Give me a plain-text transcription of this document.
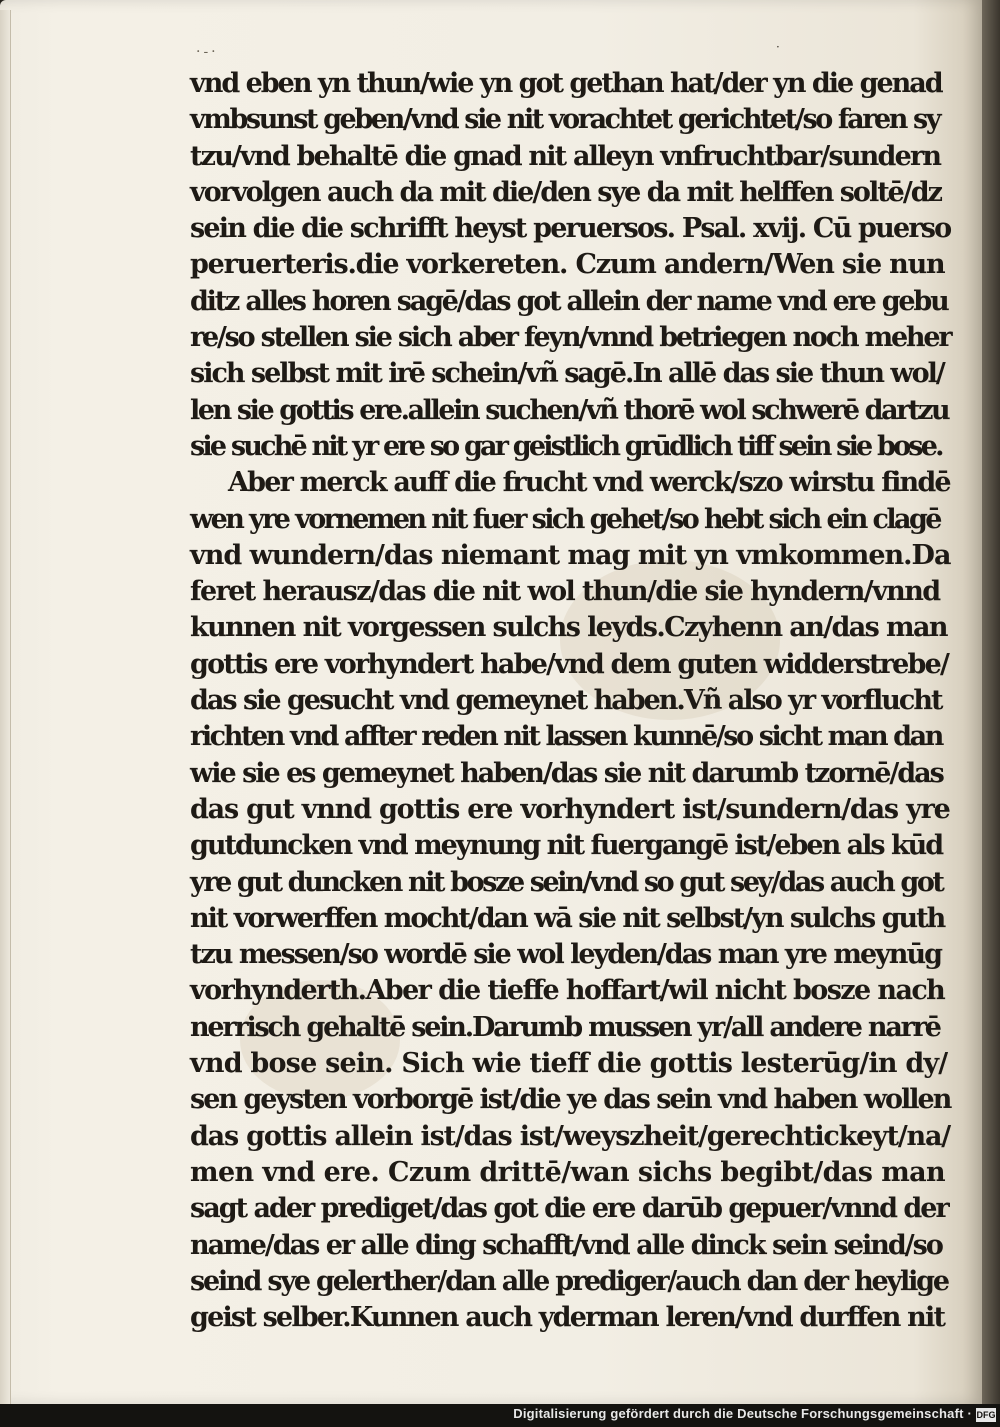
·‑·	·
vnd eben yn thun/wie yn got gethan hat/der yn die genad
vmbsunst geben/vnd sie nit vorachtet gerichtet/so faren sy
tzu/vnd behaltē die gnad nit alleyn vnfruchtbar/sundern
vorvolgen auch da mit die/den sye da mit helffen soltē/dz
sein die die schrifft heyst peruersos. Psal. xvij. Cū puerso
peruerteris.die vorkereten. Czum andern/Wen sie nun
ditz alles horen sagē/das got allein der name vnd ere gebu
re/so stellen sie sich aber feyn/vnnd betriegen noch meher
sich selbst mit irē schein/vñ sagē.In allē das sie thun wol/
len sie gottis ere.allein suchen/vñ thorē wol schwerē dartzu
sie suchē nit yr ere so gar geistlich grūdlich tiff sein sie bose.
Aber merck auff die frucht vnd werck/szo wirstu findē
wen yre vornemen nit fuer sich gehet/so hebt sich ein clagē
vnd wundern/das niemant mag mit yn vmkommen.Da
feret herausz/das die nit wol thun/die sie hyndern/vnnd
kunnen nit vorgessen sulchs leyds.Czyhenn an/das man
gottis ere vorhyndert habe/vnd dem guten widderstrebe/
das sie gesucht vnd gemeynet haben.Vñ also yr vorflucht
richten vnd affter reden nit lassen kunnē/so sicht man dan
wie sie es gemeynet haben/das sie nit darumb tzornē/das
das gut vnnd gottis ere vorhyndert ist/sundern/das yre
gutduncken vnd meynung nit fuergangē ist/eben als kūd
yre gut duncken nit bosze sein/vnd so gut sey/das auch got
nit vorwerffen mocht/dan wā sie nit selbst/yn sulchs guth
tzu messen/so wordē sie wol leyden/das man yre meynūg
vorhynderth.Aber die tieffe hoffart/wil nicht bosze nach
nerrisch gehaltē sein.Darumb mussen yr/all andere narrē
vnd bose sein. Sich wie tieff die gottis lesterūg/in dy/
sen geysten vorborgē ist/die ye das sein vnd haben wollen
das gottis allein ist/das ist/weyszheit/gerechtickeyt/na/
men vnd ere. Czum drittē/wan sichs begibt/das man
sagt ader prediget/das got die ere darūb gepuer/vnnd der
name/das er alle ding schafft/vnd alle dinck sein seind/so
seind sye gelerther/dan alle prediger/auch dan der heylige
geist selber.Kunnen auch yderman leren/vnd durffen nit
Digitalisierung gefördert durch die Deutsche Forschungsgemeinschaft · DFG
